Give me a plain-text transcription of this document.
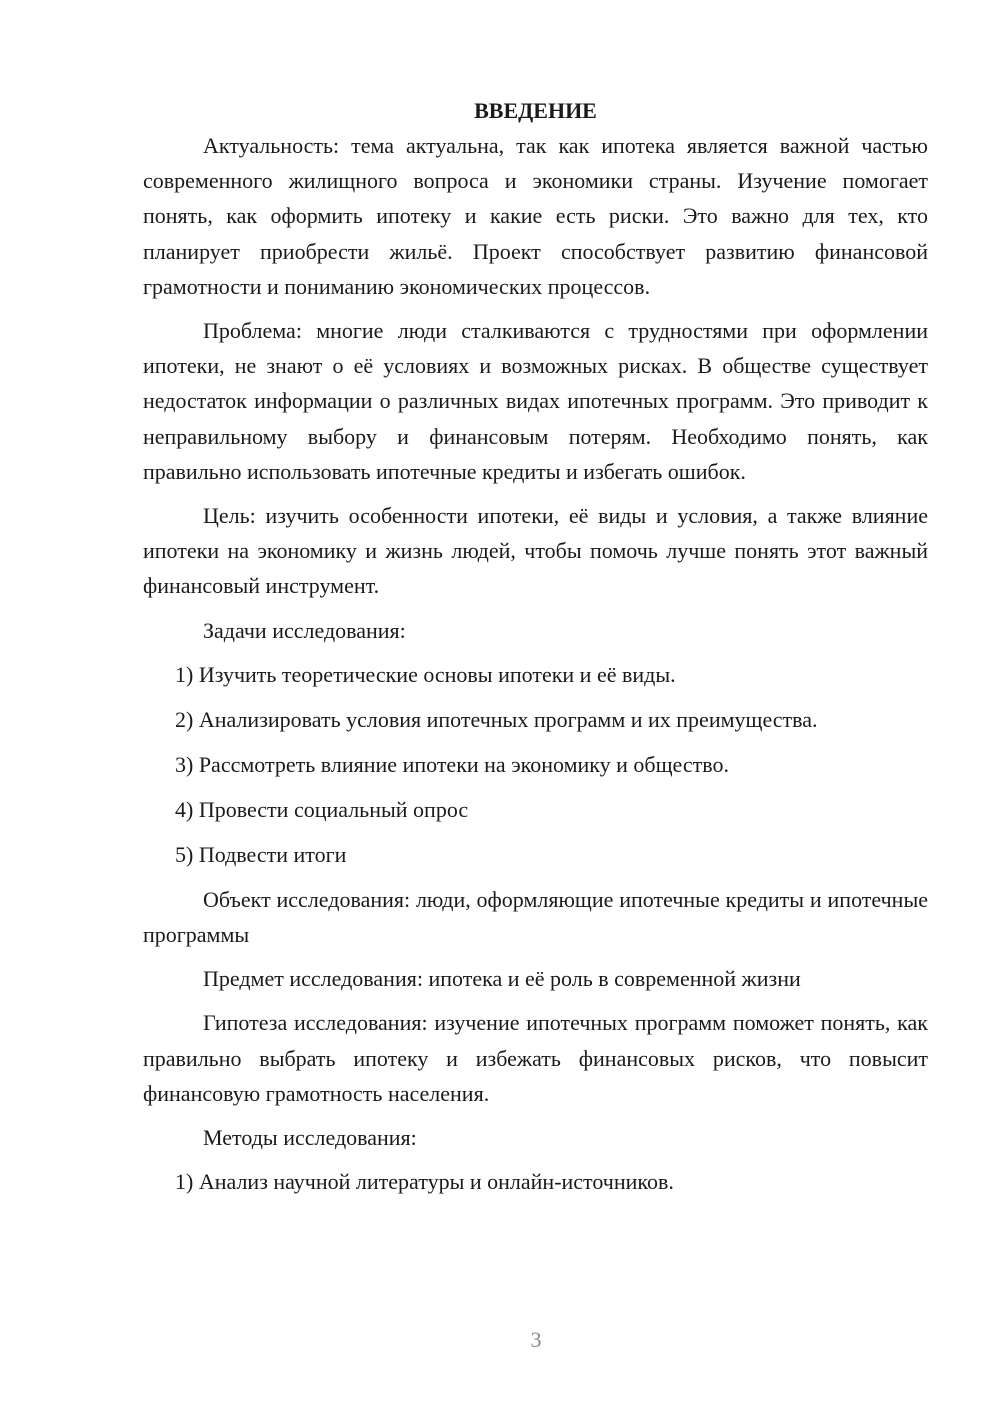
ВВЕДЕНИЕ

Актуальность: тема актуальна, так как ипотека является важной частью современного жилищного вопроса и экономики страны. Изучение помогает понять, как оформить ипотеку и какие есть риски. Это важно для тех, кто планирует приобрести жильё. Проект способствует развитию финансовой грамотности и пониманию экономических процессов.

Проблема: многие люди сталкиваются с трудностями при оформлении ипотеки, не знают о её условиях и возможных рисках. В обществе существует недостаток информации о различных видах ипотечных программ. Это приводит к неправильному выбору и финансовым потерям. Необходимо понять, как правильно использовать ипотечные кредиты и избегать ошибок.

Цель: изучить особенности ипотеки, её виды и условия, а также влияние ипотеки на экономику и жизнь людей, чтобы помочь лучше понять этот важный финансовый инструмент.

Задачи исследования:

1) Изучить теоретические основы ипотеки и её виды.

2) Анализировать условия ипотечных программ и их преимущества.

3) Рассмотреть влияние ипотеки на экономику и общество.

4) Провести социальный опрос

5) Подвести итоги

Объект исследования: люди, оформляющие ипотечные кредиты и ипотечные программы

Предмет исследования: ипотека и её роль в современной жизни

Гипотеза исследования: изучение ипотечных программ поможет понять, как правильно выбрать ипотеку и избежать финансовых рисков, что повысит финансовую грамотность населения.

Методы исследования:

1) Анализ научной литературы и онлайн-источников.

3
